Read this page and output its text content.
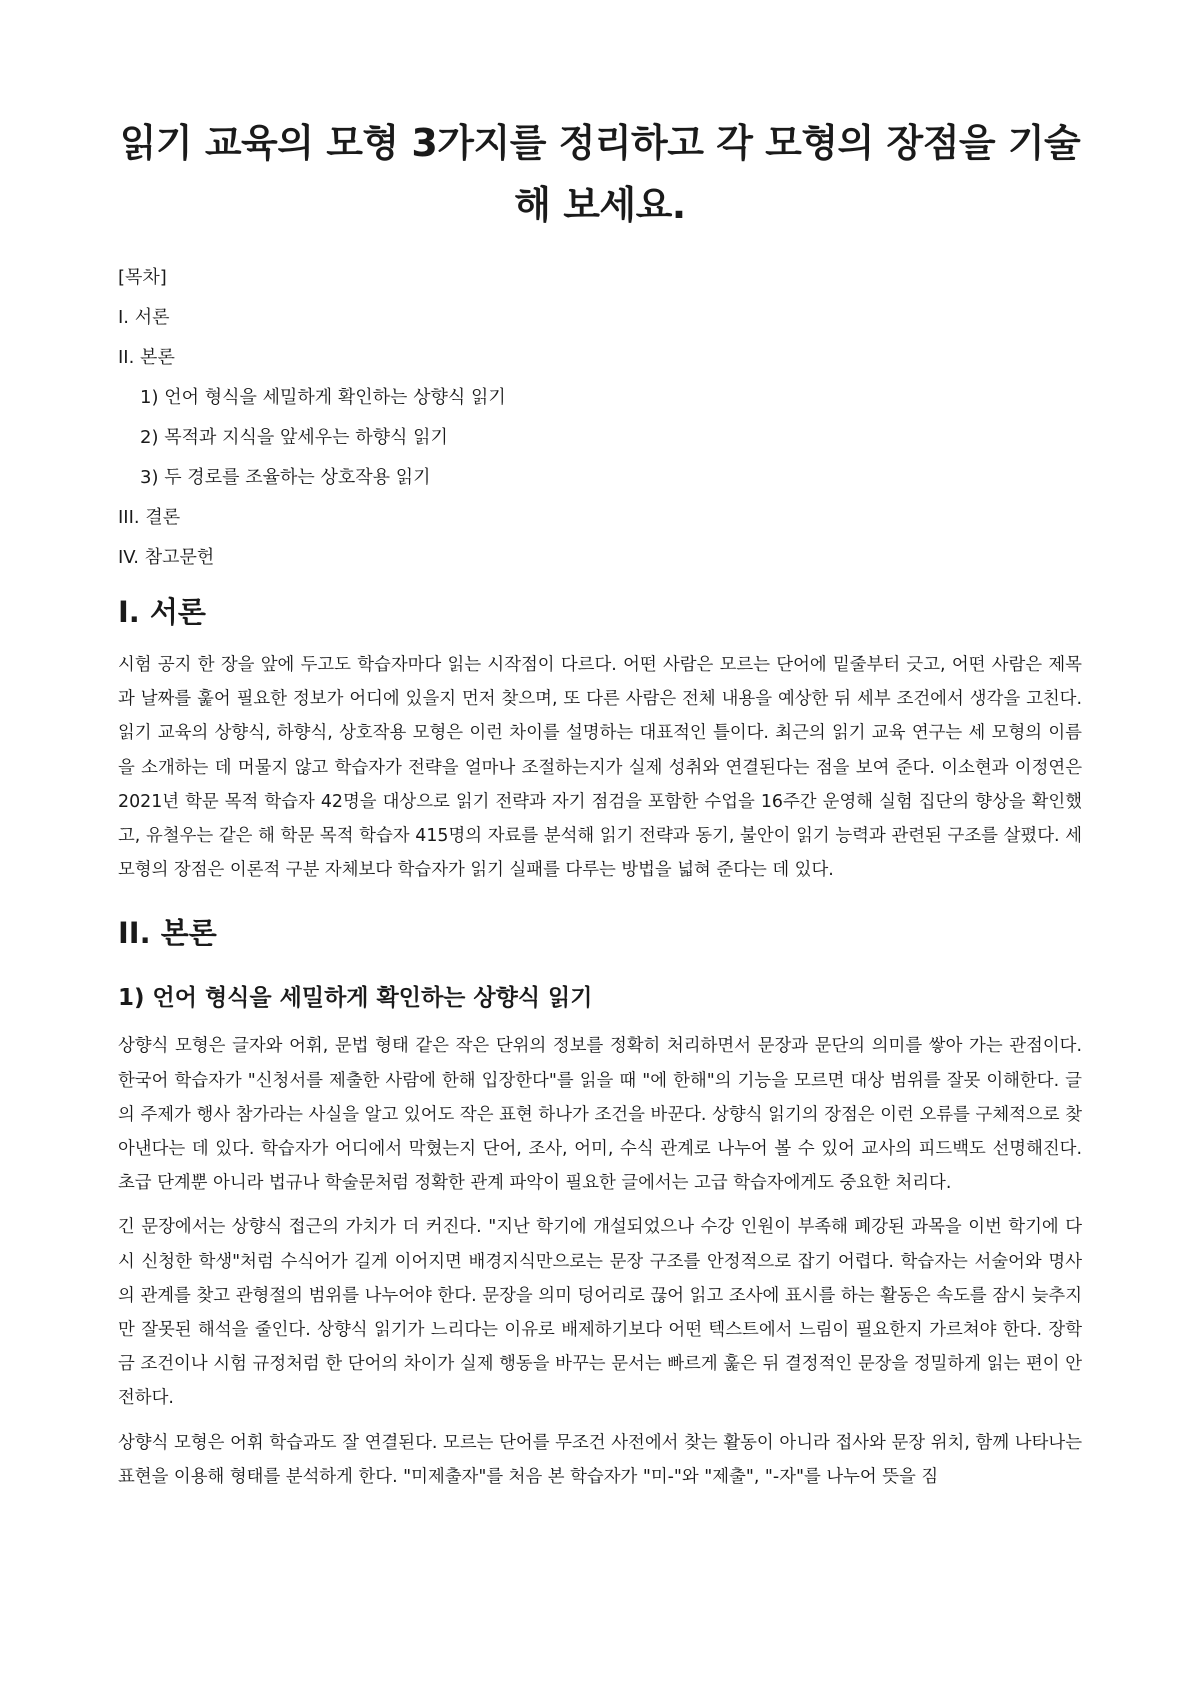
읽기 교육의 모형 3가지를 정리하고 각 모형의 장점을 기술해 보세요.
[목차]
I. 서론
II. 본론
1) 언어 형식을 세밀하게 확인하는 상향식 읽기
2) 목적과 지식을 앞세우는 하향식 읽기
3) 두 경로를 조율하는 상호작용 읽기
III. 결론
IV. 참고문헌
I. 서론

시험 공지 한 장을 앞에 두고도 학습자마다 읽는 시작점이 다르다. 어떤 사람은 모르는 단어에 밑줄부터 긋고, 어떤 사람은 제목과 날짜를 훑어 필요한 정보가 어디에 있을지 먼저 찾으며, 또 다른 사람은 전체 내용을 예상한 뒤 세부 조건에서 생각을 고친다. 읽기 교육의 상향식, 하향식, 상호작용 모형은 이런 차이를 설명하는 대표적인 틀이다. 최근의 읽기 교육 연구는 세 모형의 이름을 소개하는 데 머물지 않고 학습자가 전략을 얼마나 조절하는지가 실제 성취와 연결된다는 점을 보여 준다. 이소현과 이정연은 2021년 학문 목적 학습자 42명을 대상으로 읽기 전략과 자기 점검을 포함한 수업을 16주간 운영해 실험 집단의 향상을 확인했고, 유철우는 같은 해 학문 목적 학습자 415명의 자료를 분석해 읽기 전략과 동기, 불안이 읽기 능력과 관련된 구조를 살폈다. 세 모형의 장점은 이론적 구분 자체보다 학습자가 읽기 실패를 다루는 방법을 넓혀 준다는 데 있다.

II. 본론
1) 언어 형식을 세밀하게 확인하는 상향식 읽기

상향식 모형은 글자와 어휘, 문법 형태 같은 작은 단위의 정보를 정확히 처리하면서 문장과 문단의 의미를 쌓아 가는 관점이다. 한국어 학습자가 "신청서를 제출한 사람에 한해 입장한다"를 읽을 때 "에 한해"의 기능을 모르면 대상 범위를 잘못 이해한다. 글의 주제가 행사 참가라는 사실을 알고 있어도 작은 표현 하나가 조건을 바꾼다. 상향식 읽기의 장점은 이런 오류를 구체적으로 찾아낸다는 데 있다. 학습자가 어디에서 막혔는지 단어, 조사, 어미, 수식 관계로 나누어 볼 수 있어 교사의 피드백도 선명해진다. 초급 단계뿐 아니라 법규나 학술문처럼 정확한 관계 파악이 필요한 글에서는 고급 학습자에게도 중요한 처리다.

긴 문장에서는 상향식 접근의 가치가 더 커진다. "지난 학기에 개설되었으나 수강 인원이 부족해 폐강된 과목을 이번 학기에 다시 신청한 학생"처럼 수식어가 길게 이어지면 배경지식만으로는 문장 구조를 안정적으로 잡기 어렵다. 학습자는 서술어와 명사의 관계를 찾고 관형절의 범위를 나누어야 한다. 문장을 의미 덩어리로 끊어 읽고 조사에 표시를 하는 활동은 속도를 잠시 늦추지만 잘못된 해석을 줄인다. 상향식 읽기가 느리다는 이유로 배제하기보다 어떤 텍스트에서 느림이 필요한지 가르쳐야 한다. 장학금 조건이나 시험 규정처럼 한 단어의 차이가 실제 행동을 바꾸는 문서는 빠르게 훑은 뒤 결정적인 문장을 정밀하게 읽는 편이 안전하다.

상향식 모형은 어휘 학습과도 잘 연결된다. 모르는 단어를 무조건 사전에서 찾는 활동이 아니라 접사와 문장 위치, 함께 나타나는 표현을 이용해 형태를 분석하게 한다. "미제출자"를 처음 본 학습자가 "미-"와 "제출", "-자"를 나누어 뜻을 짐
